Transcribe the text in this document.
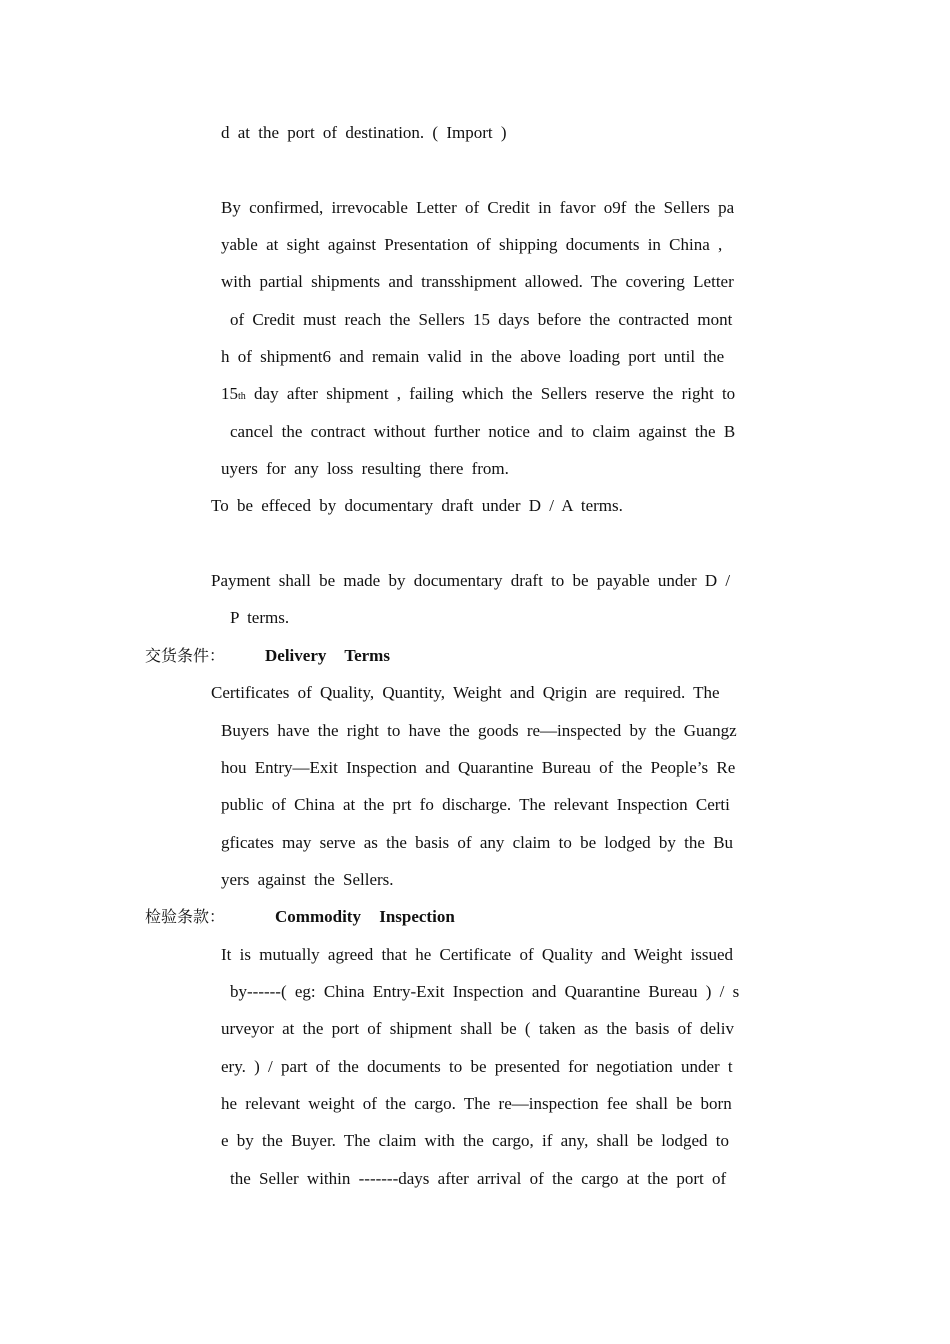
d at the port of destination. ( Import )
By confirmed, irrevocable Letter of Credit in favor o9f the Sellers pa
yable at sight against Presentation of shipping documents in China ,
with partial shipments and transshipment allowed. The covering Letter
of Credit must reach the Sellers 15 days before the contracted mont
h of shipment6 and remain valid in the above loading port until the
15th day after shipment , failing which the Sellers reserve the right to
cancel the contract without further notice and to claim against the B
uyers for any loss resulting there from.
To be effeced by documentary draft under D / A terms.
Payment shall be made by documentary draft to be payable under D /
P terms.
交货条件： Delivery Terms
Certificates of Quality, Quantity, Weight and Qrigin are required. The
Buyers have the right to have the goods re—inspected by the Guangz
hou Entry—Exit Inspection and Quarantine Bureau of the People’s Re
public of China at the prt fo discharge. The relevant Inspection Certi
gficates may serve as the basis of any claim to be lodged by the Bu
yers against the Sellers.
检验条款：	Commodity Inspection
It is mutually agreed that he Certificate of Quality and Weight issued
by------( eg: China Entry-Exit Inspection and Quarantine Bureau ) / s
urveyor at the port of shipment shall be ( taken as the basis of deliv
ery. ) / part of the documents to be presented for negotiation under t
he relevant weight of the cargo. The re—inspection fee shall be born
e by the Buyer. The claim with the cargo, if any, shall be lodged to
the Seller within -------days after arrival of the cargo at the port of
